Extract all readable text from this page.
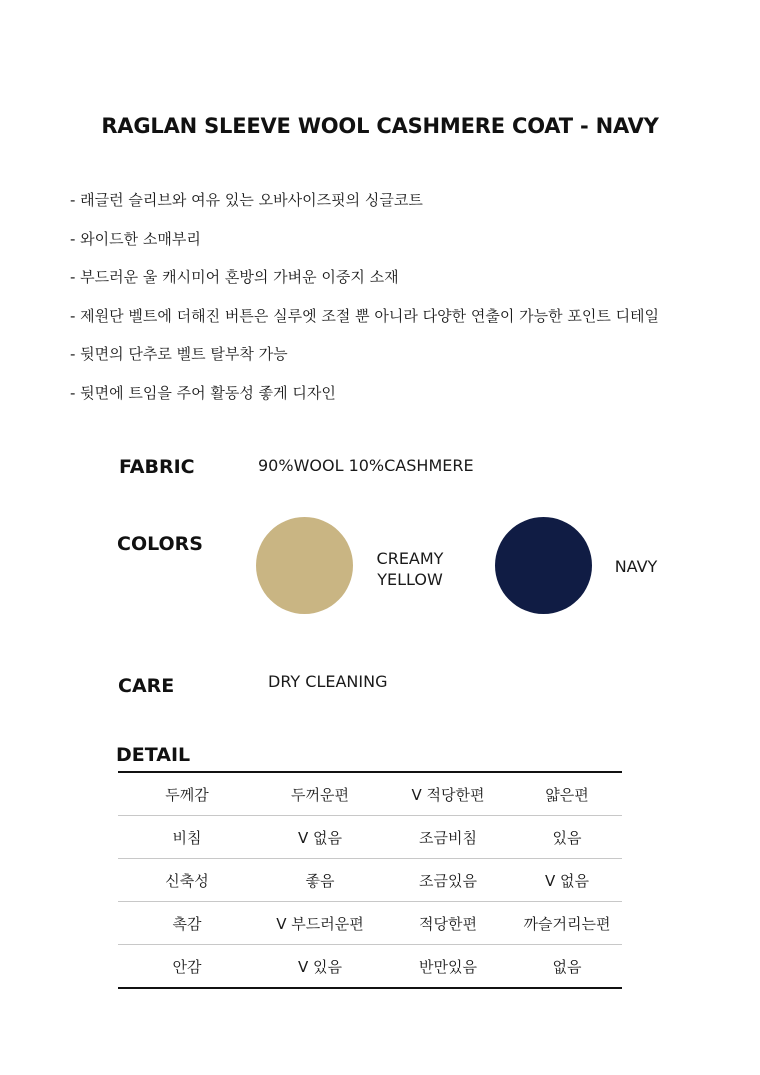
RAGLAN SLEEVE WOOL CASHMERE COAT - NAVY
- 래글런 슬리브와 여유 있는 오바사이즈핏의 싱글코트
- 와이드한 소매부리
- 부드러운 울 캐시미어 혼방의 가벼운 이중지 소재
- 제원단 벨트에 더해진 버튼은 실루엣 조절 뿐 아니라 다양한 연출이 가능한 포인트 디테일
- 뒷면의 단추로 벨트 탈부착 가능
- 뒷면에 트임을 주어 활동성 좋게 디자인
FABRIC	90%WOOL 10%CASHMERE
COLORS
CREAMY
YELLOW
NAVY
CARE	DRY CLEANING
DETAIL
두께감	두꺼운편	V 적당한편	얇은편
비침	V 없음	조금비침	있음
신축성	좋음	조금있음	V 없음
촉감	V 부드러운편	적당한편	까슬거리는편
안감	V 있음	반만있음	없음
